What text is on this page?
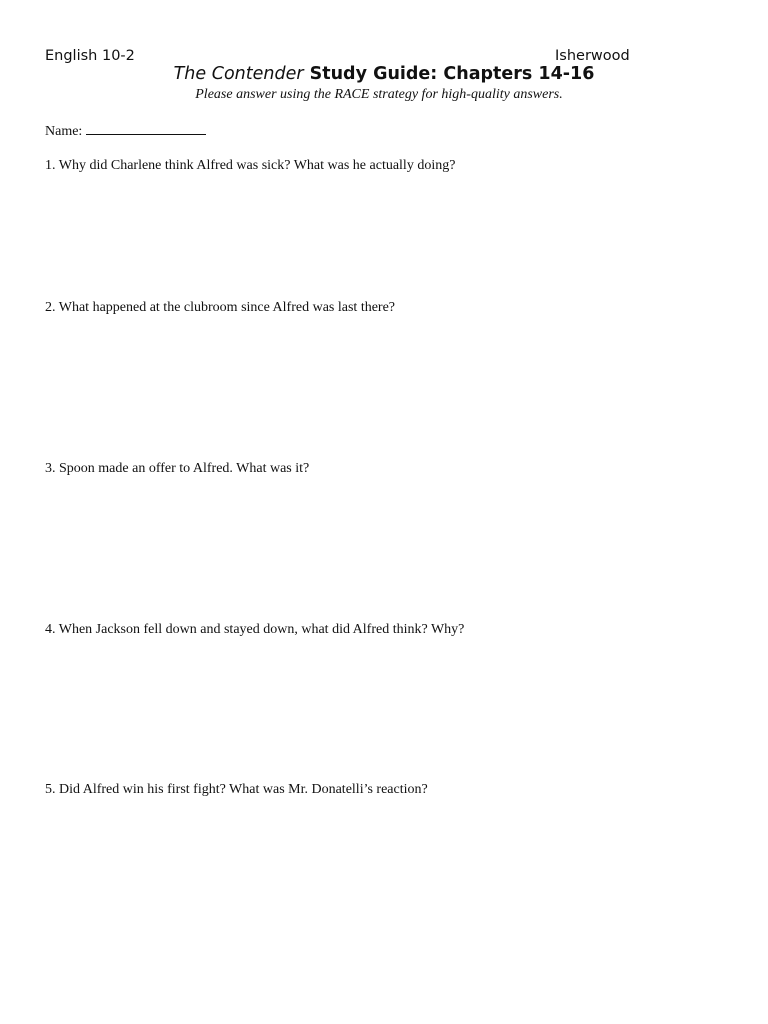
English 10-2	Isherwood
The Contender Study Guide: Chapters 14-16
Please answer using the RACE strategy for high-quality answers.
Name:
1. Why did Charlene think Alfred was sick? What was he actually doing?
2. What happened at the clubroom since Alfred was last there?
3. Spoon made an offer to Alfred. What was it?
4. When Jackson fell down and stayed down, what did Alfred think? Why?
5. Did Alfred win his first fight? What was Mr. Donatelli’s reaction?
